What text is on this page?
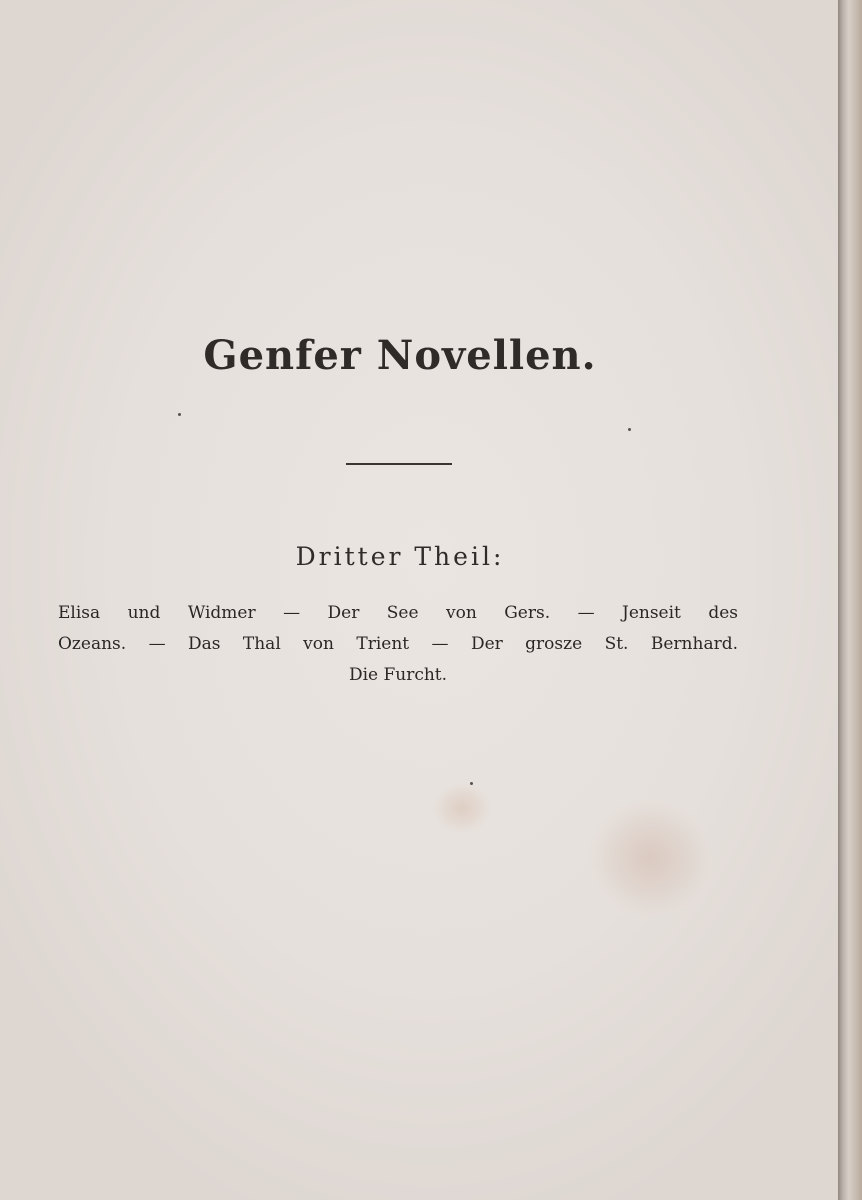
Genfer Novellen.
Dritter Theil:
Elisa und Widmer — Der See von Gers. — Jenseit des
Ozeans. — Das Thal von Trient — Der grosze St. Bernhard.
Die Furcht.
